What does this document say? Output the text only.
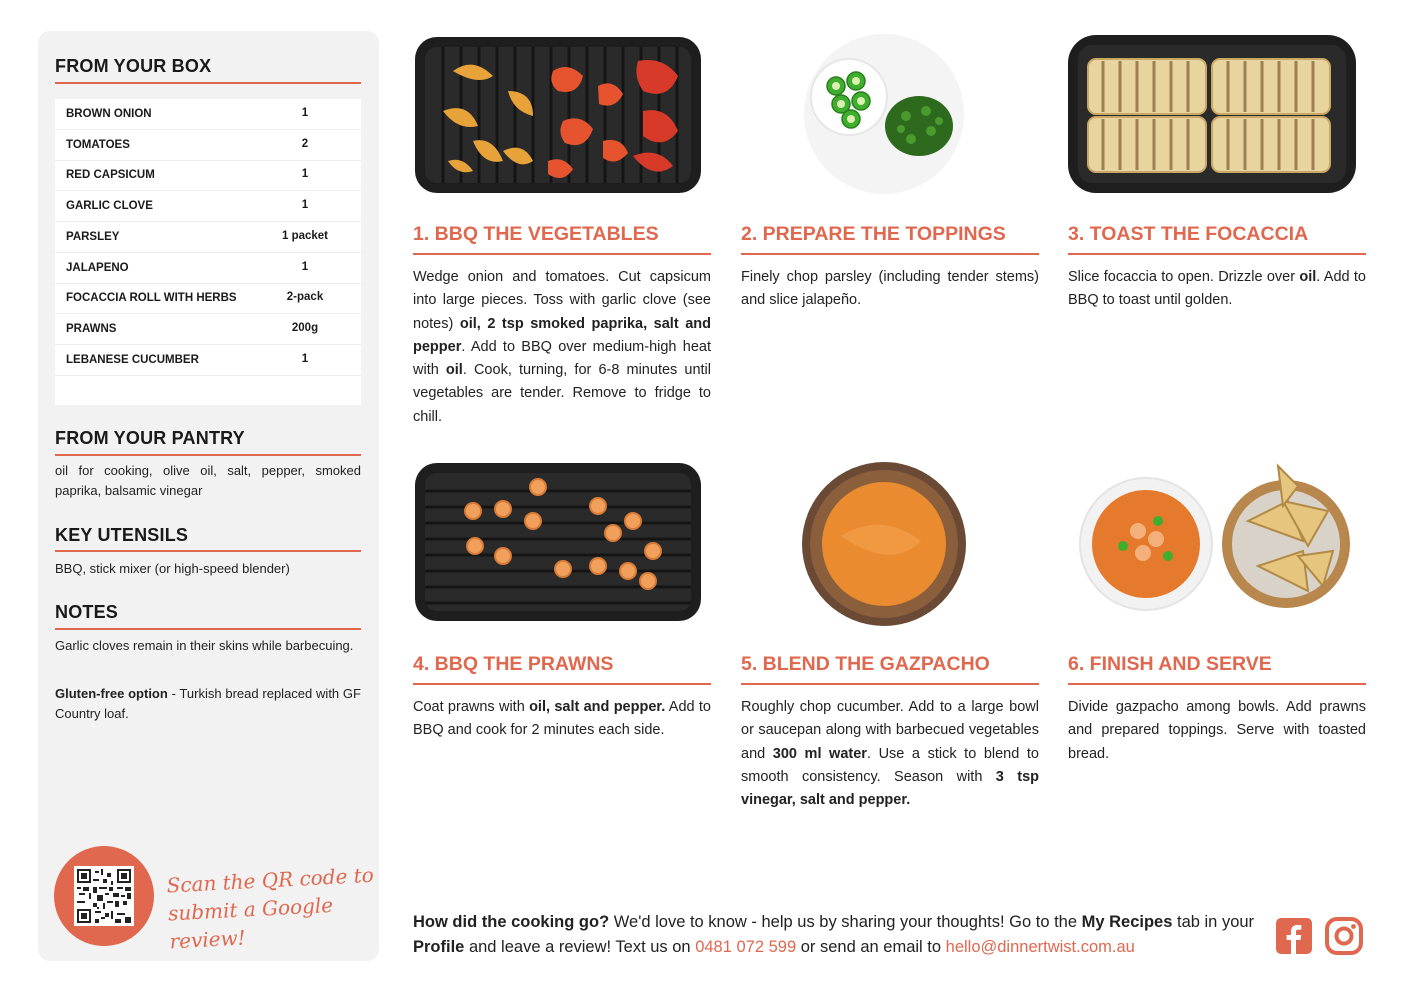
FROM YOUR BOX
BROWN ONION	1
TOMATOES	2
RED CAPSICUM	1
GARLIC CLOVE	1
PARSLEY	1 packet
JALAPENO	1
FOCACCIA ROLL WITH HERBS	2-pack
PRAWNS	200g
LEBANESE CUCUMBER	1
FROM YOUR PANTRY
oil for cooking, olive oil, salt, pepper, smoked paprika, balsamic vinegar
KEY UTENSILS
BBQ, stick mixer (or high-speed blender)
NOTES
Garlic cloves remain in their skins while barbecuing.
Gluten-free option - Turkish bread replaced with GF Country loaf.
Scan the QR code to
submit a Google review!
1. BBQ THE VEGETABLES
Wedge onion and tomatoes. Cut capsicum into large pieces. Toss with garlic clove (see notes) oil, 2 tsp smoked paprika, salt and pepper. Add to BBQ over medium-high heat with oil. Cook, turning, for 6-8 minutes until vegetables are tender. Remove to fridge to chill.
2. PREPARE THE TOPPINGS
Finely chop parsley (including tender stems) and slice jalapeño.
3. TOAST THE FOCACCIA
Slice focaccia to open. Drizzle over oil. Add to BBQ to toast until golden.
4. BBQ THE PRAWNS
Coat prawns with oil, salt and pepper. Add to BBQ and cook for 2 minutes each side.
5. BLEND THE GAZPACHO
Roughly chop cucumber. Add to a large bowl or saucepan along with barbecued vegetables and 300 ml water. Use a stick to blend to smooth consistency. Season with 3 tsp vinegar, salt and pepper.
6. FINISH AND SERVE
Divide gazpacho among bowls. Add prawns and prepared toppings. Serve with toasted bread.
How did the cooking go? We'd love to know - help us by sharing your thoughts! Go to the My Recipes tab in your Profile and leave a review! Text us on 0481 072 599 or send an email to hello@dinnertwist.com.au
